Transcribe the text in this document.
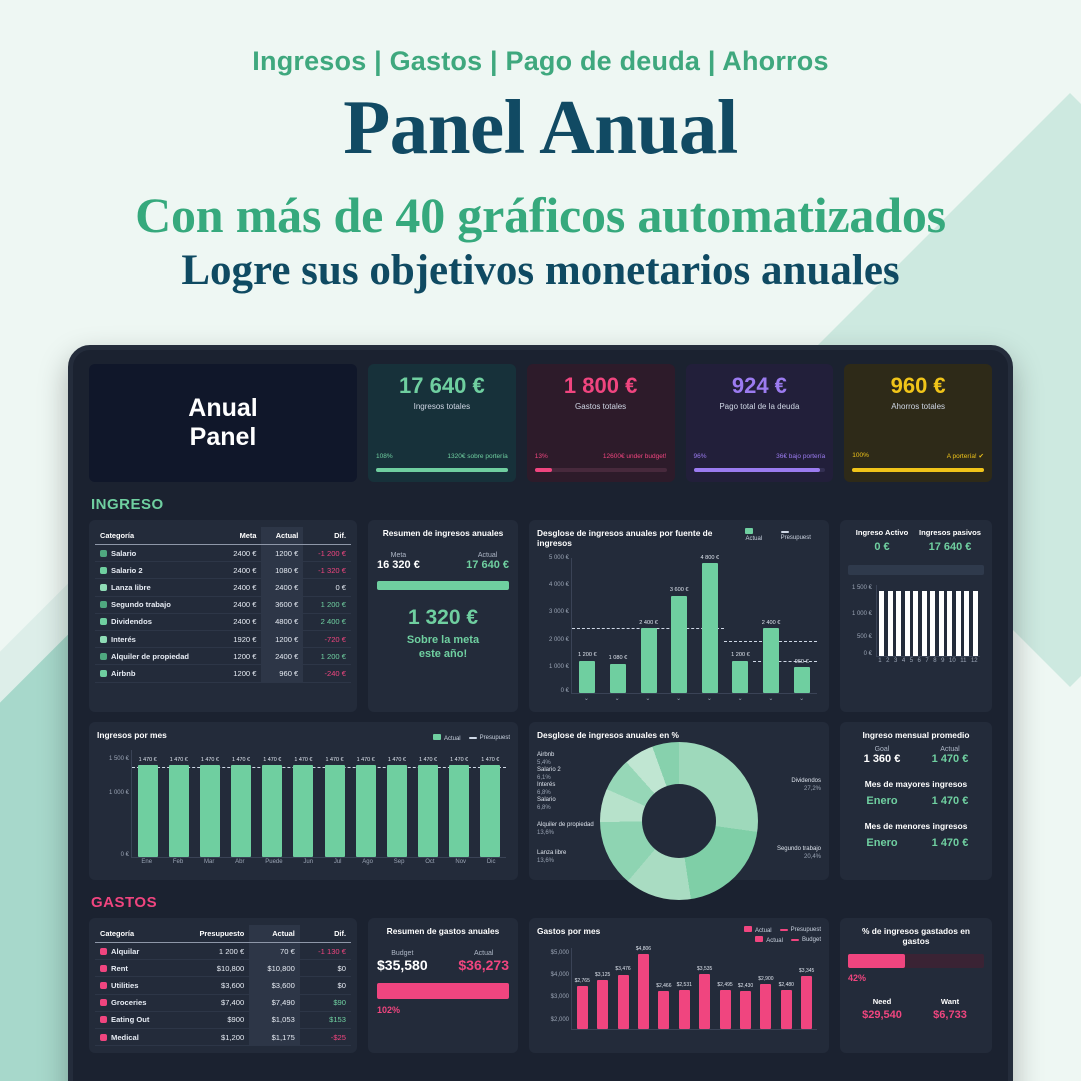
Ingresos | Gastos | Pago de deuda | Ahorros
Panel Anual
Con más de 40 gráficos automatizados
Logre sus objetivos monetarios anuales
Anual
Panel
17 640 €
Ingresos totales
108%	1320€ sobre portería
1 800 €
Gastos totales
13%	12600€ under budget!
924 €
Pago total de la deuda
96%	36€ bajo portería
960 €
Ahorros totales
100%	A portería! ✔
INGRESO
Categoría	Meta	Actual	Dif.

Salario	2400 €	1200 €	-1 200 €

Salario 2	2400 €	1080 €	-1 320 €

Lanza libre	2400 €	2400 €	0 €

Segundo trabajo	2400 €	3600 €	1 200 €

Dividendos	2400 €	4800 €	2 400 €

Interés	1920 €	1200 €	-720 €

Alquiler de propiedad	1200 €	2400 €	1 200 €

Airbnb	1200 €	960 €	-240 €
Resumen de ingresos anuales
Meta
16 320 €
Actual
17 640 €
1 320 €
Sobre la meta
este año!
Desglose de ingresos anuales por fuente de ingresos	Actual	Presupuest
0 €
1 000 €
2 000 €
3 000 €
4 000 €
5 000 €
1 200 €
1 080 €
2 400 €
3 600 €
4 800 €
1 200 €
2 400 €
960 €
⌄	⌄	⌄	⌄	⌄	⌄	⌄	⌄
Ingreso Activo	Ingresos pasivos
0 €	17 640 €
1 500 €
1 000 €
500 €
0 €
1 2 3 4 5 6 7 8 9 10 11 12
Ingresos por mes	Actual	Presupuest
1 500 €
1 000 €
0 €
1 470 € 1 470 € 1 470 € 1 470 € 1 470 € 1 470 € 1 470 € 1 470 € 1 470 € 1 470 € 1 470 € 1 470 €
Ene	Feb	Mar	Abr	Puede	Jun	Jul	Ago	Sep	Oct	Nov	Dic
Desglose de ingresos anuales en %
Airbnb
5,4%
Salario 2
6,1%
Interés
6,8%
Salario
6,8%
Alquiler de propiedad
13,6%
Lanza libre
13,6%
Dividendos
27,2%
Segundo trabajo
20,4%
Ingreso mensual promedio
Goal
1 360 €
Actual
1 470 €
Mes de mayores ingresos
Enero	1 470 €
Mes de menores ingresos
Enero	1 470 €
GASTOS
Categoría	Presupuesto	Actual	Dif.

Alquilar	1 200 €	70 €	-1 130 €

Rent	$10,800	$10,800	$0

Utilities	$3,600	$3,600	$0

Groceries	$7,400	$7,490	$90

Eating Out	$900	$1,053	$153

Medical	$1,200	$1,175	-$25
Resumen de gastos anuales
Budget
$35,580
Actual
$36,273
102%
Gastos por mes	Actual	Presupuest
Actual	Budget
$5,000
$4,000
$3,000
$2,000
$2,765
$3,125
$3,476
$4,806
$2,466 $2,531
$3,535
$2,495 $2,430
$2,900
$2,480
$3,345
% de ingresos gastados en gastos
42%
Need	Want
$29,540	$6,733
